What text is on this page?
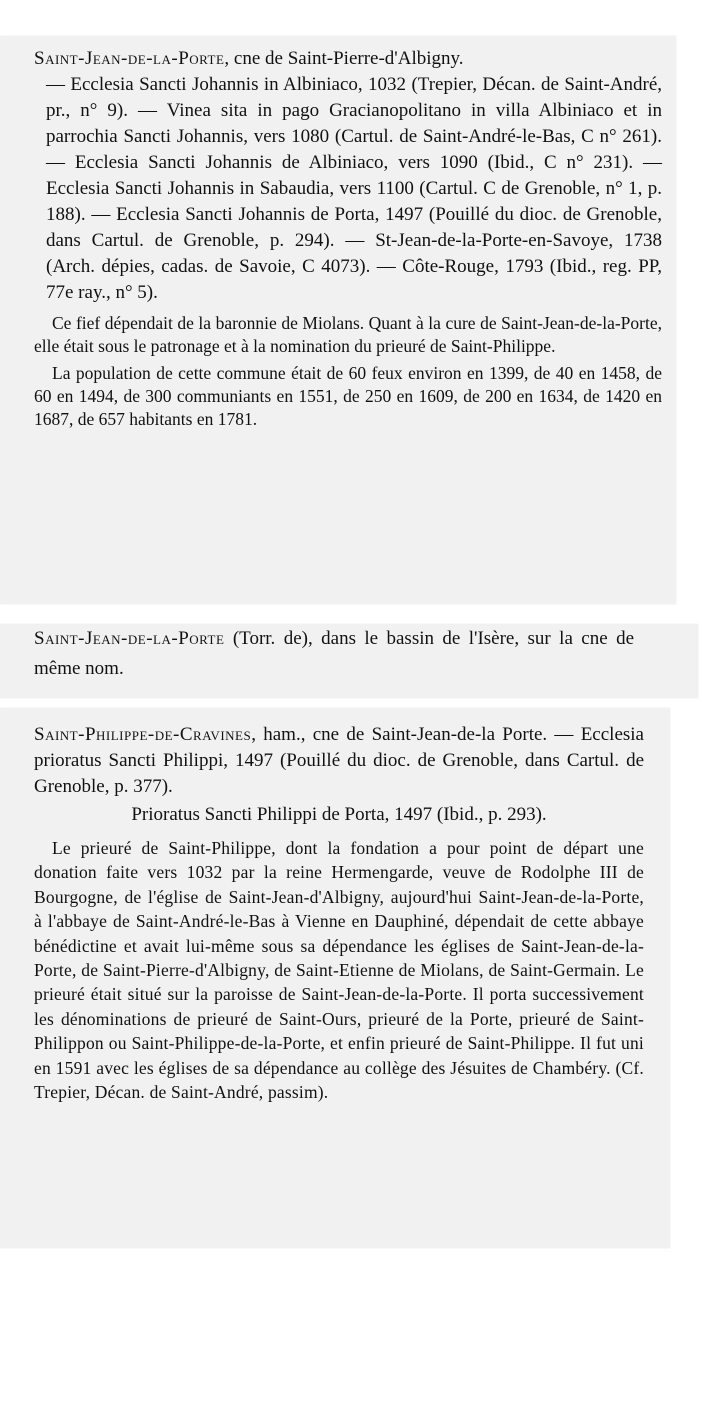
Saint-Jean-de-la-Porte, cne de Saint-Pierre-d'Albigny.
— Ecclesia Sancti Johannis in Albiniaco, 1032 (Trepier, Décan. de Saint-André, pr., n° 9). — Vinea sita in pago Gracianopolitano in villa Albiniaco et in parrochia Sancti Johannis, vers 1080 (Cartul. de Saint-André-le-Bas, C n° 261). — Ecclesia Sancti Johannis de Albiniaco, vers 1090 (Ibid., C n° 231). — Ecclesia Sancti Johannis in Sabaudia, vers 1100 (Cartul. C de Grenoble, n° 1, p. 188). — Ecclesia Sancti Johannis de Porta, 1497 (Pouillé du dioc. de Grenoble, dans Cartul. de Grenoble, p. 294). — St-Jean-de-la-Porte-en-Savoye, 1738 (Arch. dépies, cadas. de Savoie, C 4073). — Côte-Rouge, 1793 (Ibid., reg. PP, 77e ray., n° 5).

Ce fief dépendait de la baronnie de Miolans. Quant à la cure de Saint-Jean-de-la-Porte, elle était sous le patronage et à la nomination du prieuré de Saint-Philippe.

La population de cette commune était de 60 feux environ en 1399, de 40 en 1458, de 60 en 1494, de 300 communiants en 1551, de 250 en 1609, de 200 en 1634, de 1420 en 1687, de 657 habitants en 1781.

Saint-Jean-de-la-Porte (Torr. de), dans le bassin de l'Isère, sur la cne de même nom.
Saint-Philippe-de-Cravines, ham., cne de Saint-Jean-de-la Porte. — Ecclesia prioratus Sancti Philippi, 1497 (Pouillé du dioc. de Grenoble, dans Cartul. de Grenoble, p. 377).
Prioratus Sancti Philippi de Porta, 1497 (Ibid., p. 293).

Le prieuré de Saint-Philippe, dont la fondation a pour point de départ une donation faite vers 1032 par la reine Hermengarde, veuve de Rodolphe III de Bourgogne, de l'église de Saint-Jean-d'Albigny, aujourd'hui Saint-Jean-de-la-Porte, à l'abbaye de Saint-André-le-Bas à Vienne en Dauphiné, dépendait de cette abbaye bénédictine et avait lui-même sous sa dépendance les églises de Saint-Jean-de-la-Porte, de Saint-Pierre-d'Albigny, de Saint-Etienne de Miolans, de Saint-Germain. Le prieuré était situé sur la paroisse de Saint-Jean-de-la-Porte. Il porta successivement les dénominations de prieuré de Saint-Ours, prieuré de la Porte, prieuré de Saint-Philippon ou Saint-Philippe-de-la-Porte, et enfin prieuré de Saint-Philippe. Il fut uni en 1591 avec les églises de sa dépendance au collège des Jésuites de Chambéry. (Cf. Trepier, Décan. de Saint-André, passim).
